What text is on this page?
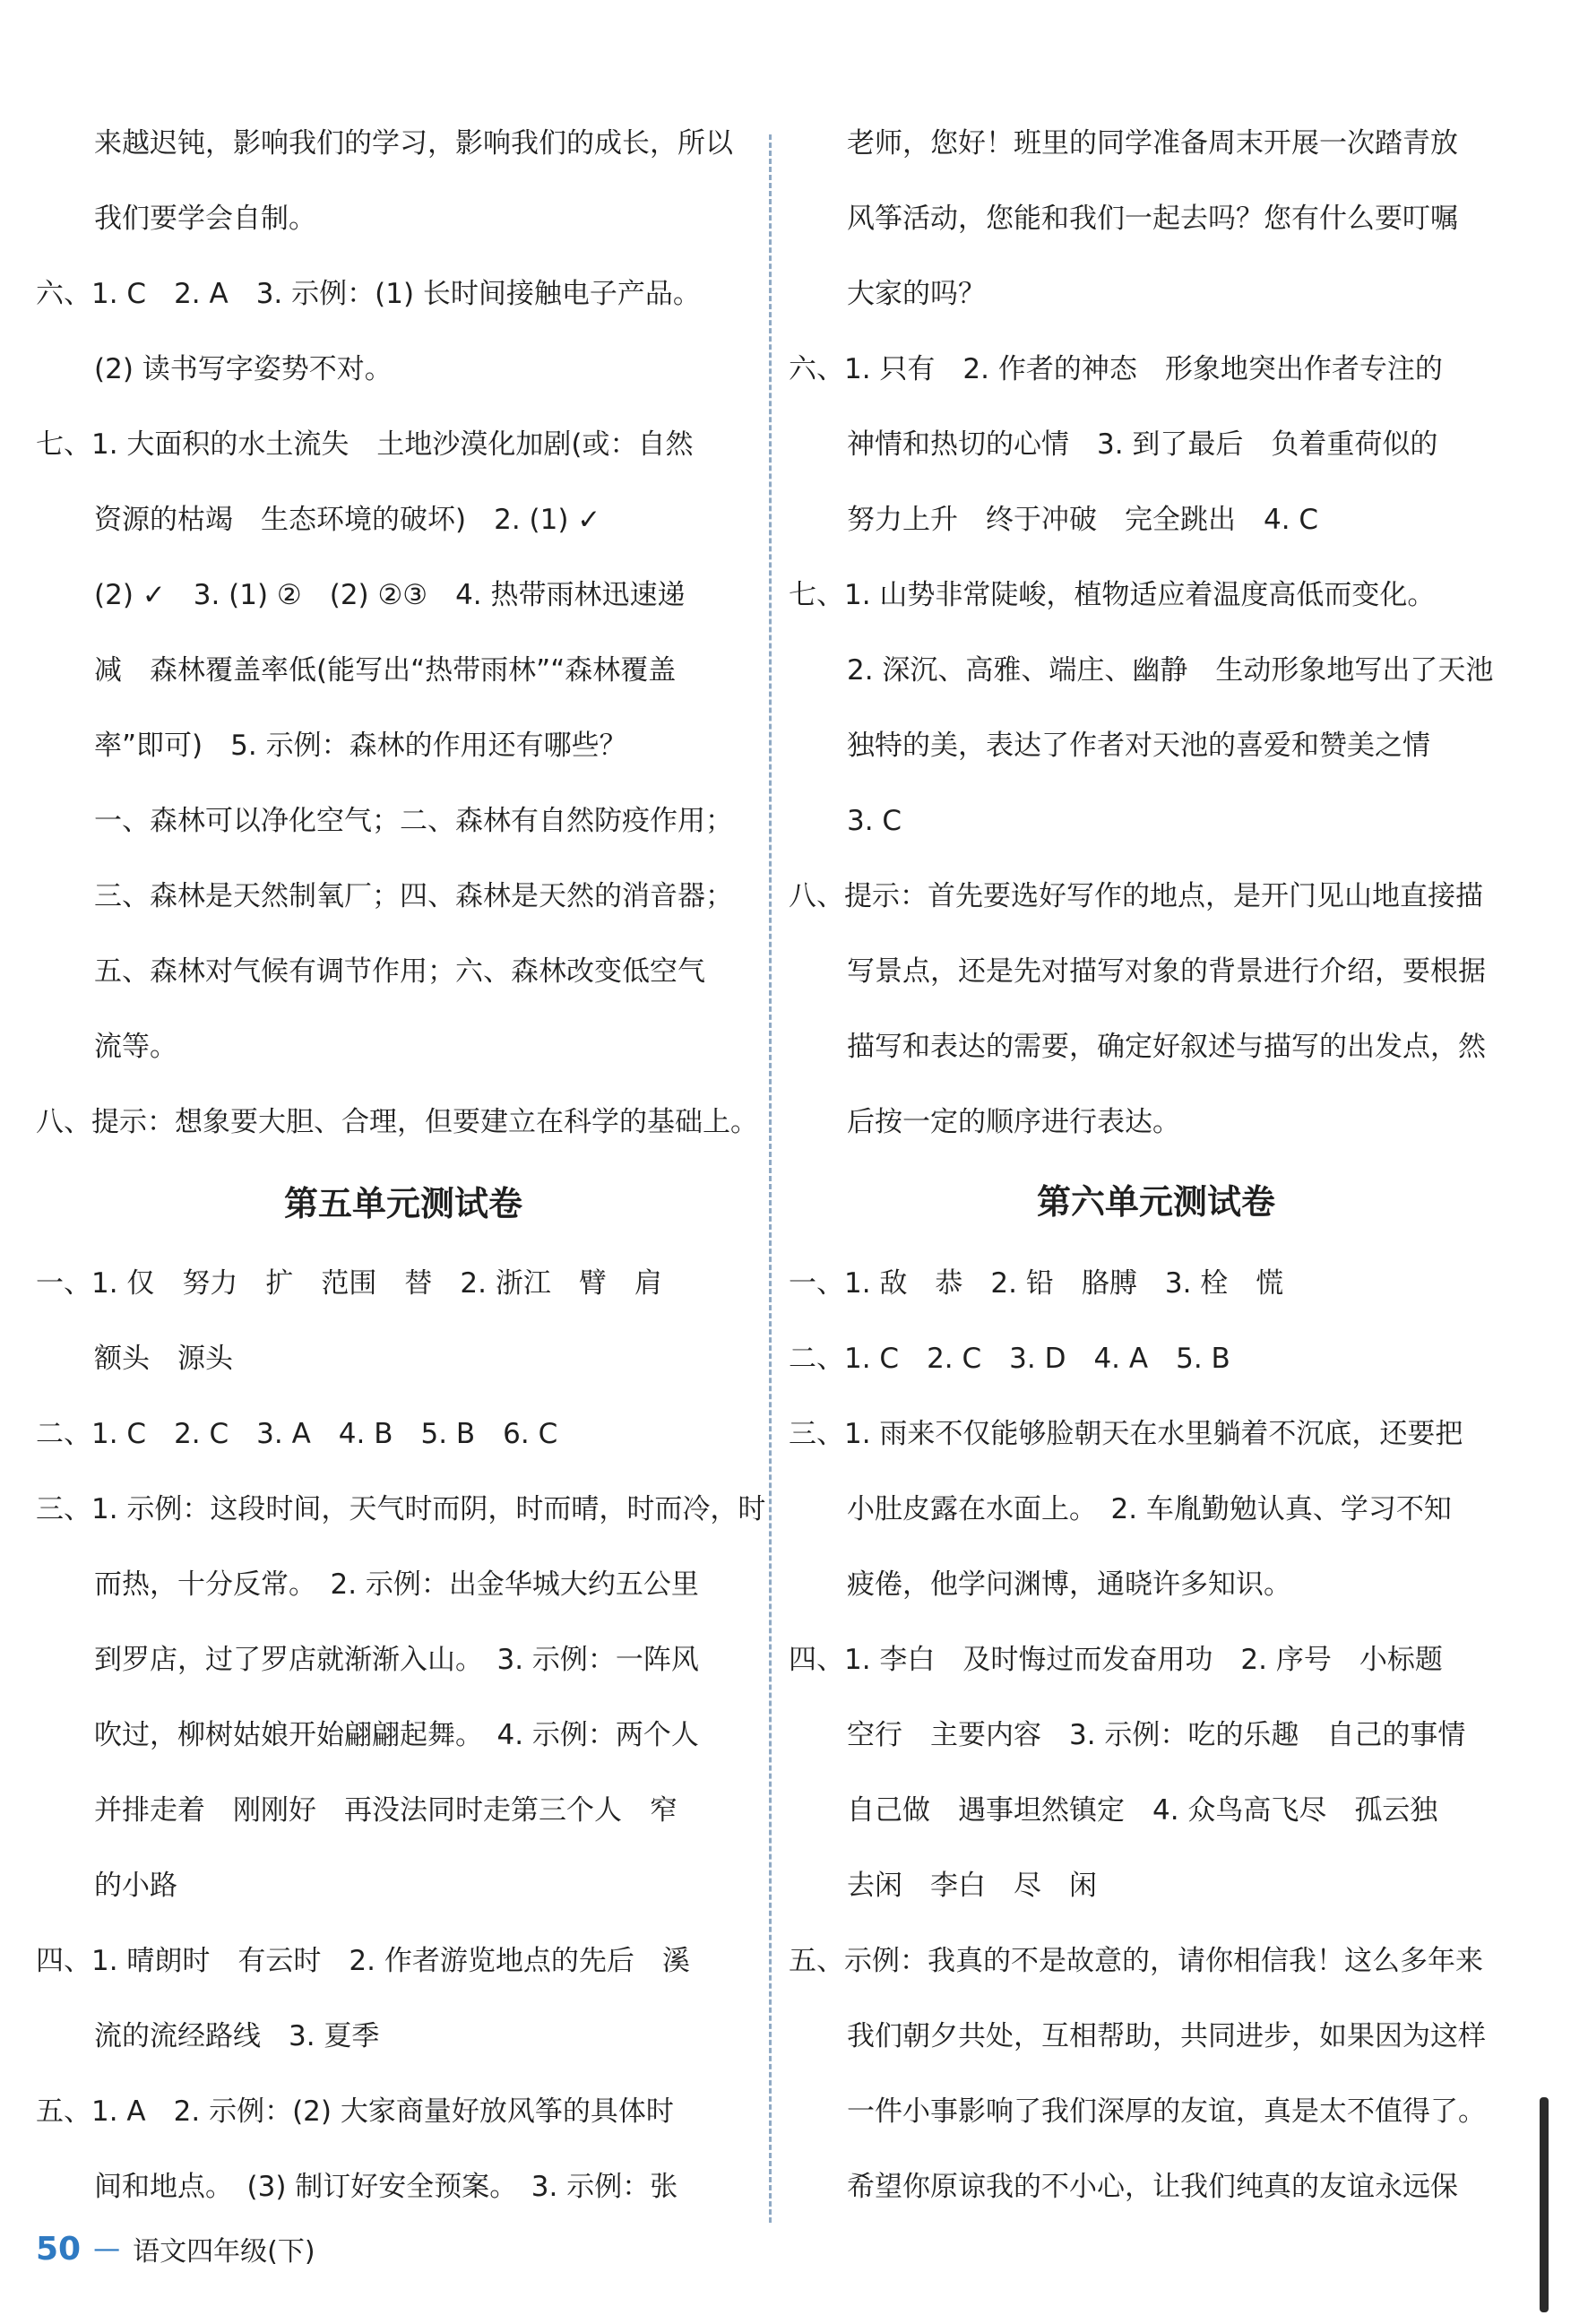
来越迟钝，影响我们的学习，影响我们的成长，所以
我们要学会自制。
六、1. C　2. A　3. 示例：(1) 长时间接触电子产品。
(2) 读书写字姿势不对。
七、1. 大面积的水土流失　土地沙漠化加剧(或：自然
资源的枯竭　生态环境的破坏)　2. (1) ✓
(2) ✓　3. (1) ②　(2) ②③　4. 热带雨林迅速递
减　森林覆盖率低(能写出“热带雨林”“森林覆盖
率”即可)　5. 示例：森林的作用还有哪些？
一、森林可以净化空气；二、森林有自然防疫作用；
三、森林是天然制氧厂；四、森林是天然的消音器；
五、森林对气候有调节作用；六、森林改变低空气
流等。
八、提示：想象要大胆、合理，但要建立在科学的基础上。
第五单元测试卷
一、1. 仅　努力　扩　范围　替　2. 浙江　臂　肩
额头　源头
二、1. C　2. C　3. A　4. B　5. B　6. C
三、1. 示例：这段时间，天气时而阴，时而晴，时而冷，时
而热，十分反常。　2. 示例：出金华城大约五公里
到罗店，过了罗店就渐渐入山。　3. 示例：一阵风
吹过，柳树姑娘开始翩翩起舞。　4. 示例：两个人
并排走着　刚刚好　再没法同时走第三个人　窄
的小路
四、1. 晴朗时　有云时　2. 作者游览地点的先后　溪
流的流经路线　3. 夏季
五、1. A　2. 示例：(2) 大家商量好放风筝的具体时
间和地点。　(3) 制订好安全预案。　3. 示例：张
50 — 语文四年级(下)
老师，您好！班里的同学准备周末开展一次踏青放
风筝活动，您能和我们一起去吗？您有什么要叮嘱
大家的吗？
六、1. 只有　2. 作者的神态　形象地突出作者专注的
神情和热切的心情　3. 到了最后　负着重荷似的
努力上升　终于冲破　完全跳出　4. C
七、1. 山势非常陡峻，植物适应着温度高低而变化。
2. 深沉、高雅、端庄、幽静　生动形象地写出了天池
独特的美，表达了作者对天池的喜爱和赞美之情
3. C
八、提示：首先要选好写作的地点，是开门见山地直接描
写景点，还是先对描写对象的背景进行介绍，要根据
描写和表达的需要，确定好叙述与描写的出发点，然
后按一定的顺序进行表达。
第六单元测试卷
一、1. 敌　恭　2. 铅　胳膊　3. 栓　慌
二、1. C　2. C　3. D　4. A　5. B
三、1. 雨来不仅能够脸朝天在水里躺着不沉底，还要把
小肚皮露在水面上。　2. 车胤勤勉认真、学习不知
疲倦，他学问渊博，通晓许多知识。
四、1. 李白　及时悔过而发奋用功　2. 序号　小标题
空行　主要内容　3. 示例：吃的乐趣　自己的事情
自己做　遇事坦然镇定　4. 众鸟高飞尽　孤云独
去闲　李白　尽　闲
五、示例：我真的不是故意的，请你相信我！这么多年来
我们朝夕共处，互相帮助，共同进步，如果因为这样
一件小事影响了我们深厚的友谊，真是太不值得了。
希望你原谅我的不小心，让我们纯真的友谊永远保
